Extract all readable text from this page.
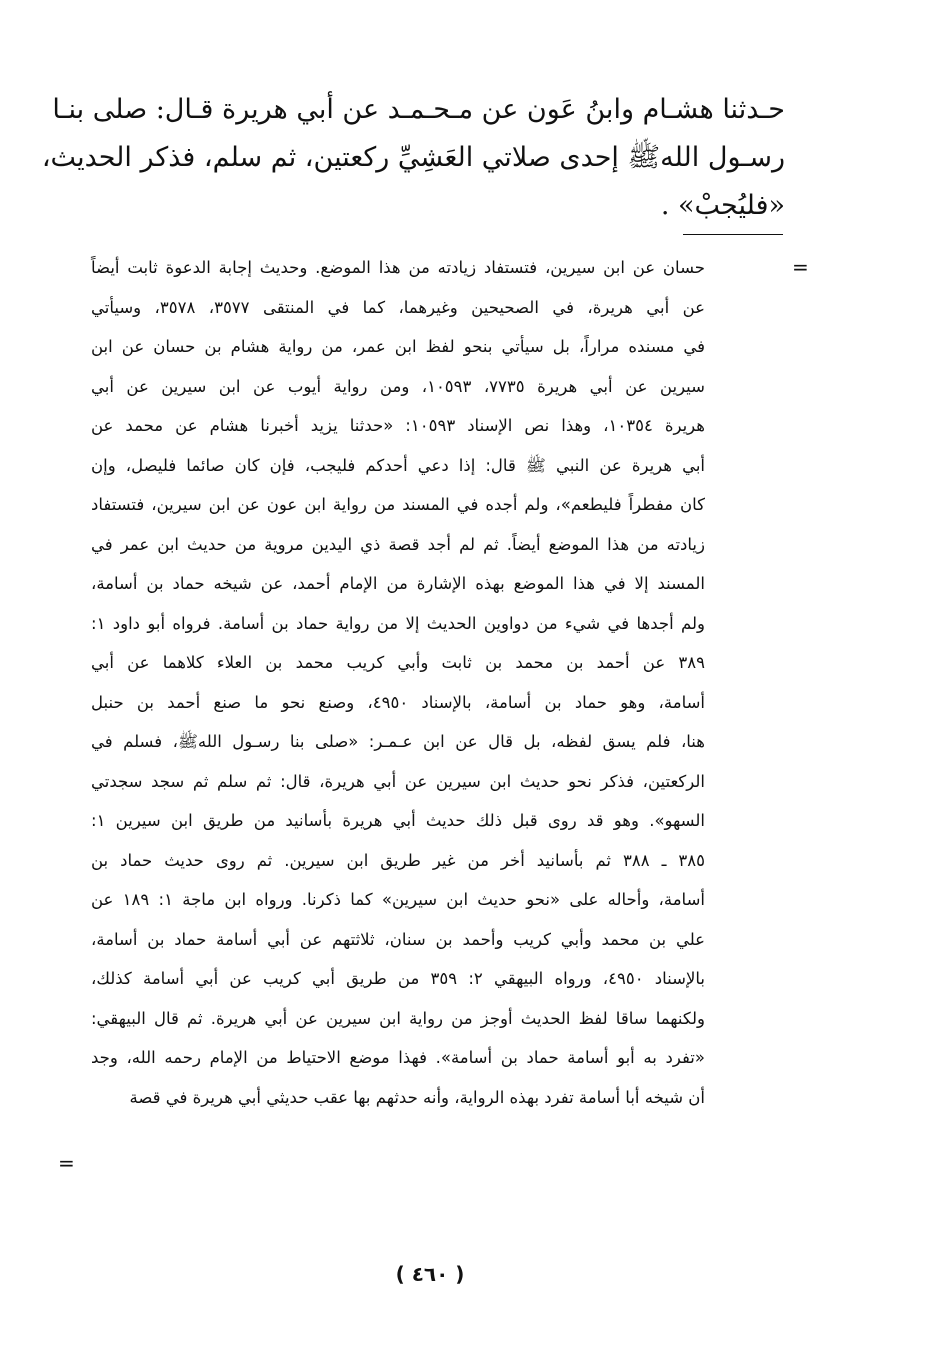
حـدثنا هشـام وابنُ عَون عن مـحـمـد عن أبي هريرة قـال: صلى بنـا
رسـول اللهﷺ إحدى صلاتي العَشِيِّ ركعتين، ثم سلم، فذكر الحديث،
«فليُجبْ» .
=
حسان عن ابن سيرين، فتستفاد زيادته من هذا الموضع. وحديث إجابة الدعوة ثابت أيضاً
عن أبي هريرة، في الصحيحين وغيرهما، كما في المنتقى ٣٥٧٧، ٣٥٧٨، وسيأتي
في مسنده مراراً، بل سيأتي بنحو لفظ ابن عمر، من رواية هشام بن حسان عن ابن
سيرين عن أبي هريرة ٧٧٣٥، ١٠٥٩٣، ومن رواية أيوب عن ابن سيرين عن أبي
هريرة ١٠٣٥٤، وهذا نص الإسناد ١٠٥٩٣: «حدثنا يزيد أخبرنا هشام عن محمد عن
أبي هريرة عن النبي ﷺ قال: إذا دعي أحدكم فليجب، فإن كان صائما فليصل، وإن
كان مفطراً فليطعم»، ولم أجده في المسند من رواية ابن عون عن ابن سيرين، فتستفاد
زيادته من هذا الموضع أيضاً. ثم لم أجد قصة ذي اليدين مروية من حديث ابن عمر في
المسند إلا في هذا الموضع بهذه الإشارة من الإمام أحمد، عن شيخه حماد بن أسامة،
ولم أجدها في شيء من دواوين الحديث إلا من رواية حماد بن أسامة. فرواه أبو داود ١:
٣٨٩ عن أحمد بن محمد بن ثابت وأبي كريب محمد بن العلاء كلاهما عن أبي
أسامة، وهو حماد بن أسامة، بالإسناد ٤٩٥٠، وصنع نحو ما صنع أحمد بن حنبل
هنا، فلم يسق لفظه، بل قال عن ابن عـمـر: «صلى بنا رسـول اللهﷺ، فسلم في
الركعتين، فذكر نحو حديث ابن سيرين عن أبي هريرة، قال: ثم سلم ثم سجد سجدتي
السهو». وهو قد روى قبل ذلك حديث أبي هريرة بأسانيد من طريق ابن سيرين ١:
٣٨٥ ـ ٣٨٨ ثم بأسانيد أخر من غير طريق ابن سيرين. ثم روى حديث حماد بن
أسامة، وأحاله على «نحو حديث ابن سيرين» كما ذكرنا. ورواه ابن ماجة ١: ١٨٩ عن
علي بن محمد وأبي كريب وأحمد بن سنان، ثلاثتهم عن أبي أسامة حماد بن أسامة،
بالإسناد ٤٩٥٠، ورواه البيهقي ٢: ٣٥٩ من طريق أبي كريب عن أبي أسامة كذلك،
ولكنهما ساقا لفظ الحديث أوجز من رواية ابن سيرين عن أبي هريرة. ثم قال البيهقي:
«تفرد به أبو أسامة حماد بن أسامة». فهذا موضع الاحتياط من الإمام رحمه الله، وجد
أن شيخه أبا أسامة تفرد بهذه الرواية، وأنه حدثهم بها عقب حديثي أبي هريرة في قصة
=
( ٤٦٠ )
